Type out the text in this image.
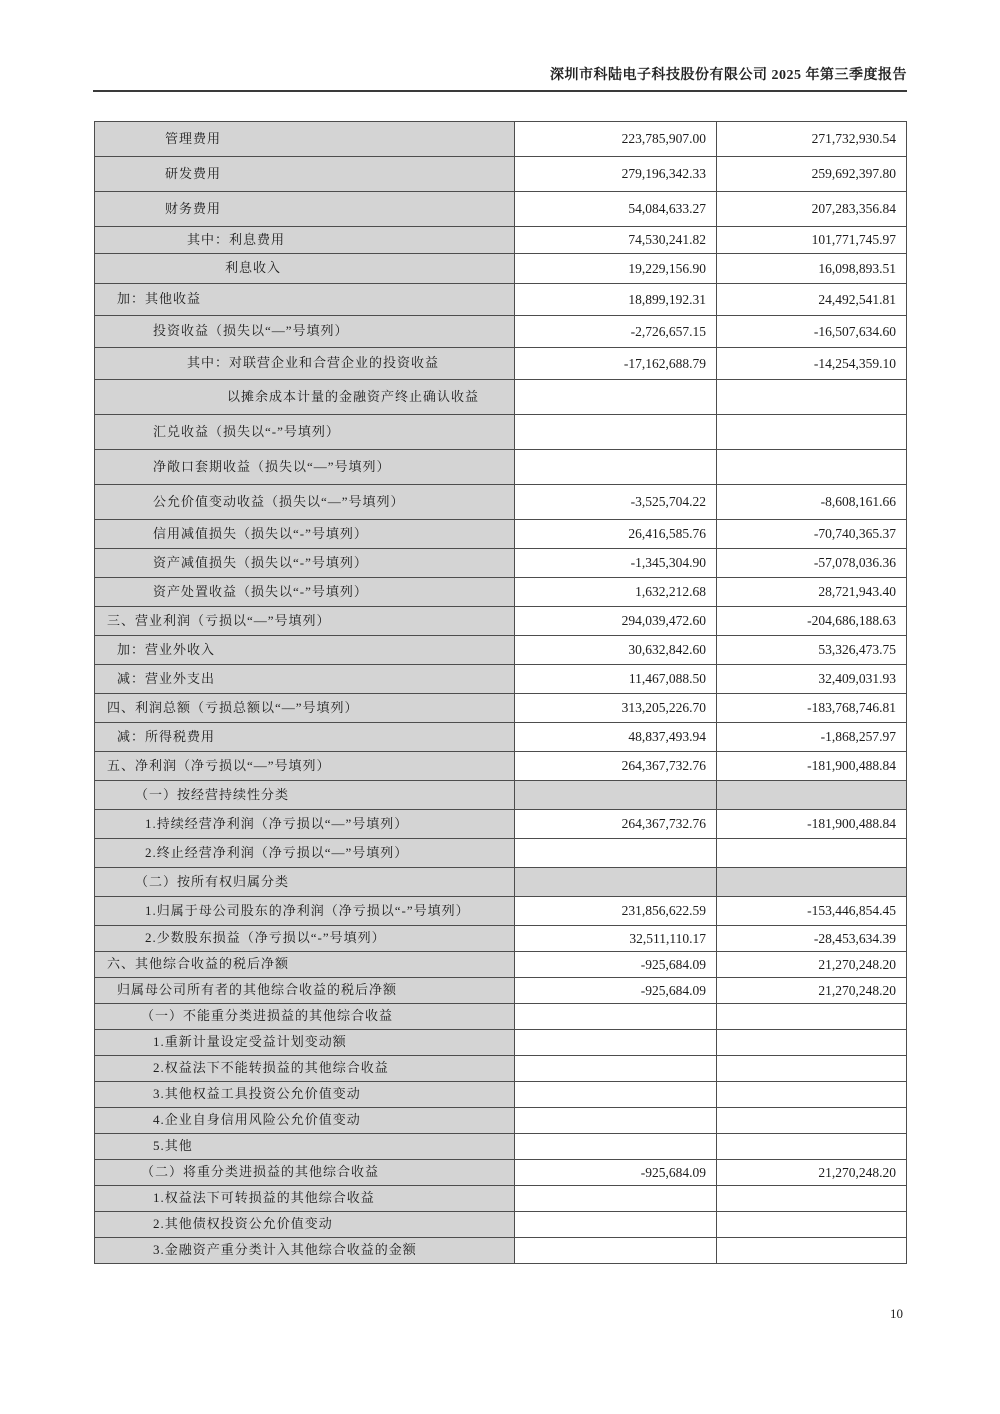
深圳市科陆电子科技股份有限公司 2025 年第三季度报告
管理费用	223,785,907.00	271,732,930.54
研发费用	279,196,342.33	259,692,397.80
财务费用	54,084,633.27	207,283,356.84
其中：利息费用	74,530,241.82	101,771,745.97
利息收入	19,229,156.90	16,098,893.51
加：其他收益	18,899,192.31	24,492,541.81
投资收益（损失以“—”号填列）	-2,726,657.15	-16,507,634.60
其中：对联营企业和合营企业的投资收益	-17,162,688.79	-14,254,359.10
以摊余成本计量的金融资产终止确认收益		
汇兑收益（损失以“-”号填列）		
净敞口套期收益（损失以“—”号填列）		
公允价值变动收益（损失以“—”号填列）	-3,525,704.22	-8,608,161.66
信用减值损失（损失以“-”号填列）	26,416,585.76	-70,740,365.37
资产减值损失（损失以“-”号填列）	-1,345,304.90	-57,078,036.36
资产处置收益（损失以“-”号填列）	1,632,212.68	28,721,943.40
三、营业利润（亏损以“—”号填列）	294,039,472.60	-204,686,188.63
加：营业外收入	30,632,842.60	53,326,473.75
减：营业外支出	11,467,088.50	32,409,031.93
四、利润总额（亏损总额以“—”号填列）	313,205,226.70	-183,768,746.81
减：所得税费用	48,837,493.94	-1,868,257.97
五、净利润（净亏损以“—”号填列）	264,367,732.76	-181,900,488.84
（一）按经营持续性分类		
1.持续经营净利润（净亏损以“—”号填列）	264,367,732.76	-181,900,488.84
2.终止经营净利润（净亏损以“—”号填列）		
（二）按所有权归属分类		
1.归属于母公司股东的净利润（净亏损以“-”号填列）	231,856,622.59	-153,446,854.45
2.少数股东损益（净亏损以“-”号填列）	32,511,110.17	-28,453,634.39
六、其他综合收益的税后净额	-925,684.09	21,270,248.20
归属母公司所有者的其他综合收益的税后净额	-925,684.09	21,270,248.20
（一）不能重分类进损益的其他综合收益		
1.重新计量设定受益计划变动额		
2.权益法下不能转损益的其他综合收益		
3.其他权益工具投资公允价值变动		
4.企业自身信用风险公允价值变动		
5.其他		
（二）将重分类进损益的其他综合收益	-925,684.09	21,270,248.20
1.权益法下可转损益的其他综合收益		
2.其他债权投资公允价值变动		
3.金融资产重分类计入其他综合收益的金额		
10
